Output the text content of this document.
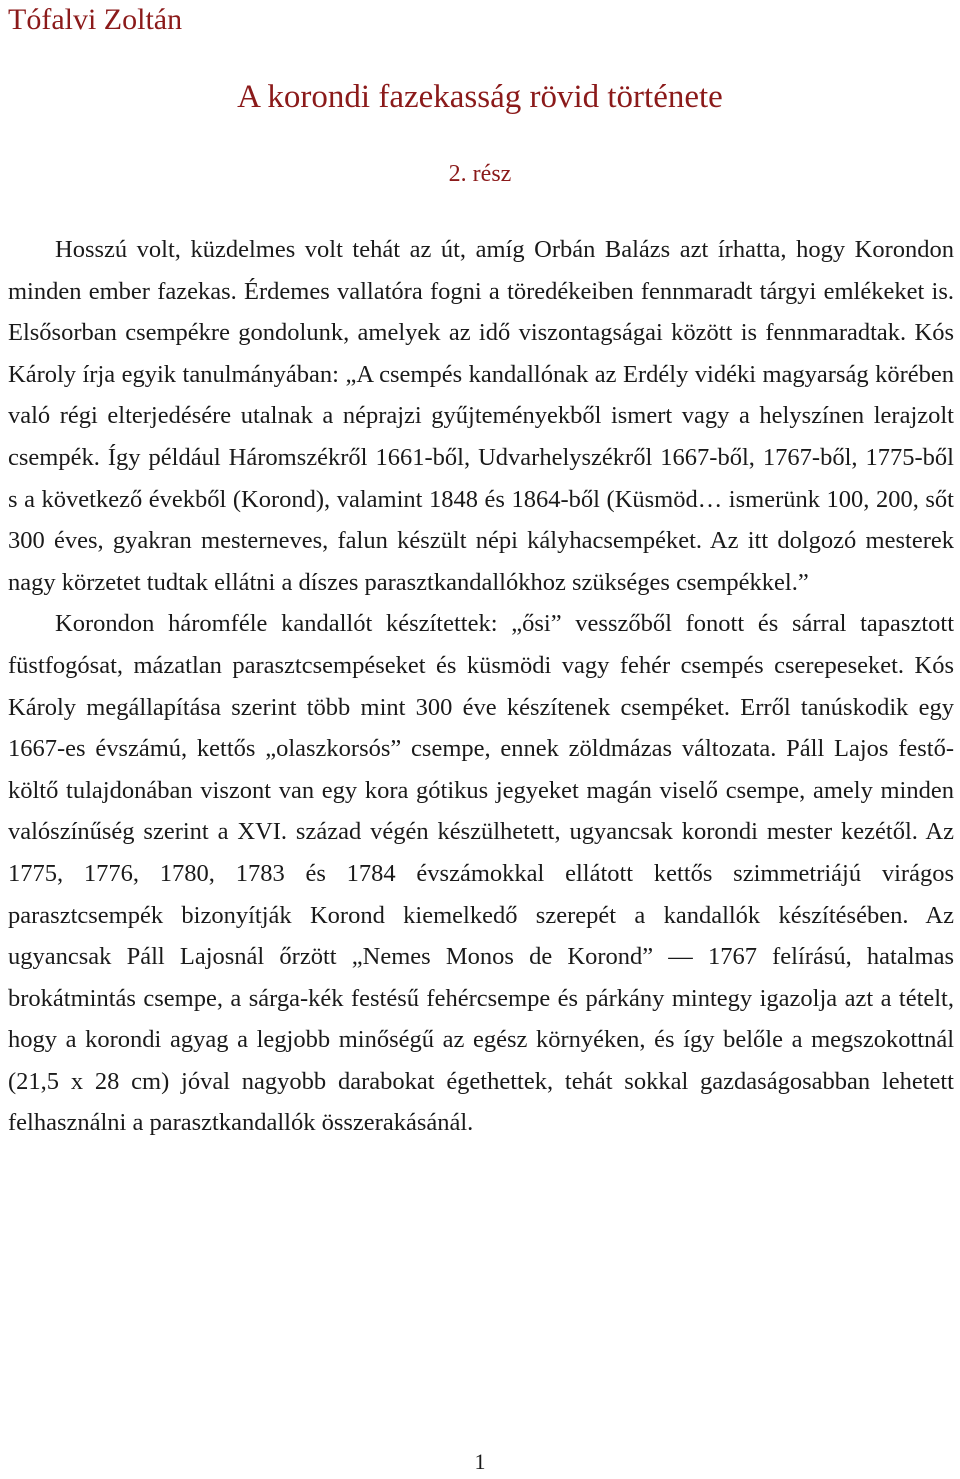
Tófalvi Zoltán
A korondi fazekasság rövid története
2. rész

Hosszú volt, küzdelmes volt tehát az út, amíg Orbán Balázs azt írhatta, hogy Korondon minden ember fazekas. Érdemes vallatóra fogni a töredékeiben fennmaradt tárgyi emlékeket is. Elsősorban csempékre gondolunk, amelyek az idő viszontagságai között is fennmaradtak. Kós Károly írja egyik tanulmányában: „A csempés kandallónak az Erdély vidéki magyarság körében való régi elterjedésére utalnak a néprajzi gyűjteményekből ismert vagy a helyszínen lerajzolt csempék. Így például Háromszékről 1661-ből, Udvarhelyszékről 1667-ből, 1767-ből, 1775-ből s a következő évekből (Korond), valamint 1848 és 1864-ből (Küsmöd… ismerünk 100, 200, sőt 300 éves, gyakran mesterneves, falun készült népi kályhacsempéket. Az itt dolgozó mesterek nagy körzetet tudtak ellátni a díszes parasztkandallókhoz szükséges csempékkel.”

Korondon háromféle kandallót készítettek: „ősi” vesszőből fonott és sárral tapasztott füstfogósat, mázatlan parasztcsempéseket és küsmödi vagy fehér csempés cserepeseket. Kós Károly megállapítása szerint több mint 300 éve készítenek csempéket. Erről tanúskodik egy 1667-es évszámú, kettős „olaszkorsós” csempe, ennek zöldmázas változata. Páll Lajos festő-költő tulajdonában viszont van egy kora gótikus jegyeket magán viselő csempe, amely minden valószínűség szerint a XVI. század végén készülhetett, ugyancsak korondi mester kezétől. Az 1775, 1776, 1780, 1783 és 1784 évszámokkal ellátott kettős szimmetriájú virágos parasztcsempék bizonyítják Korond kiemelkedő szerepét a kandallók készítésében. Az ugyancsak Páll Lajosnál őrzött „Nemes Monos de Korond” — 1767 felírású, hatalmas brokátmintás csempe, a sárga-kék festésű fehércsempe és párkány mintegy igazolja azt a tételt, hogy a korondi agyag a legjobb minőségű az egész környéken, és így belőle a megszokottnál (21,5 x 28 cm) jóval nagyobb darabokat égethettek, tehát sokkal gazdaságosabban lehetett felhasználni a parasztkandallók összerakásánál.

1
